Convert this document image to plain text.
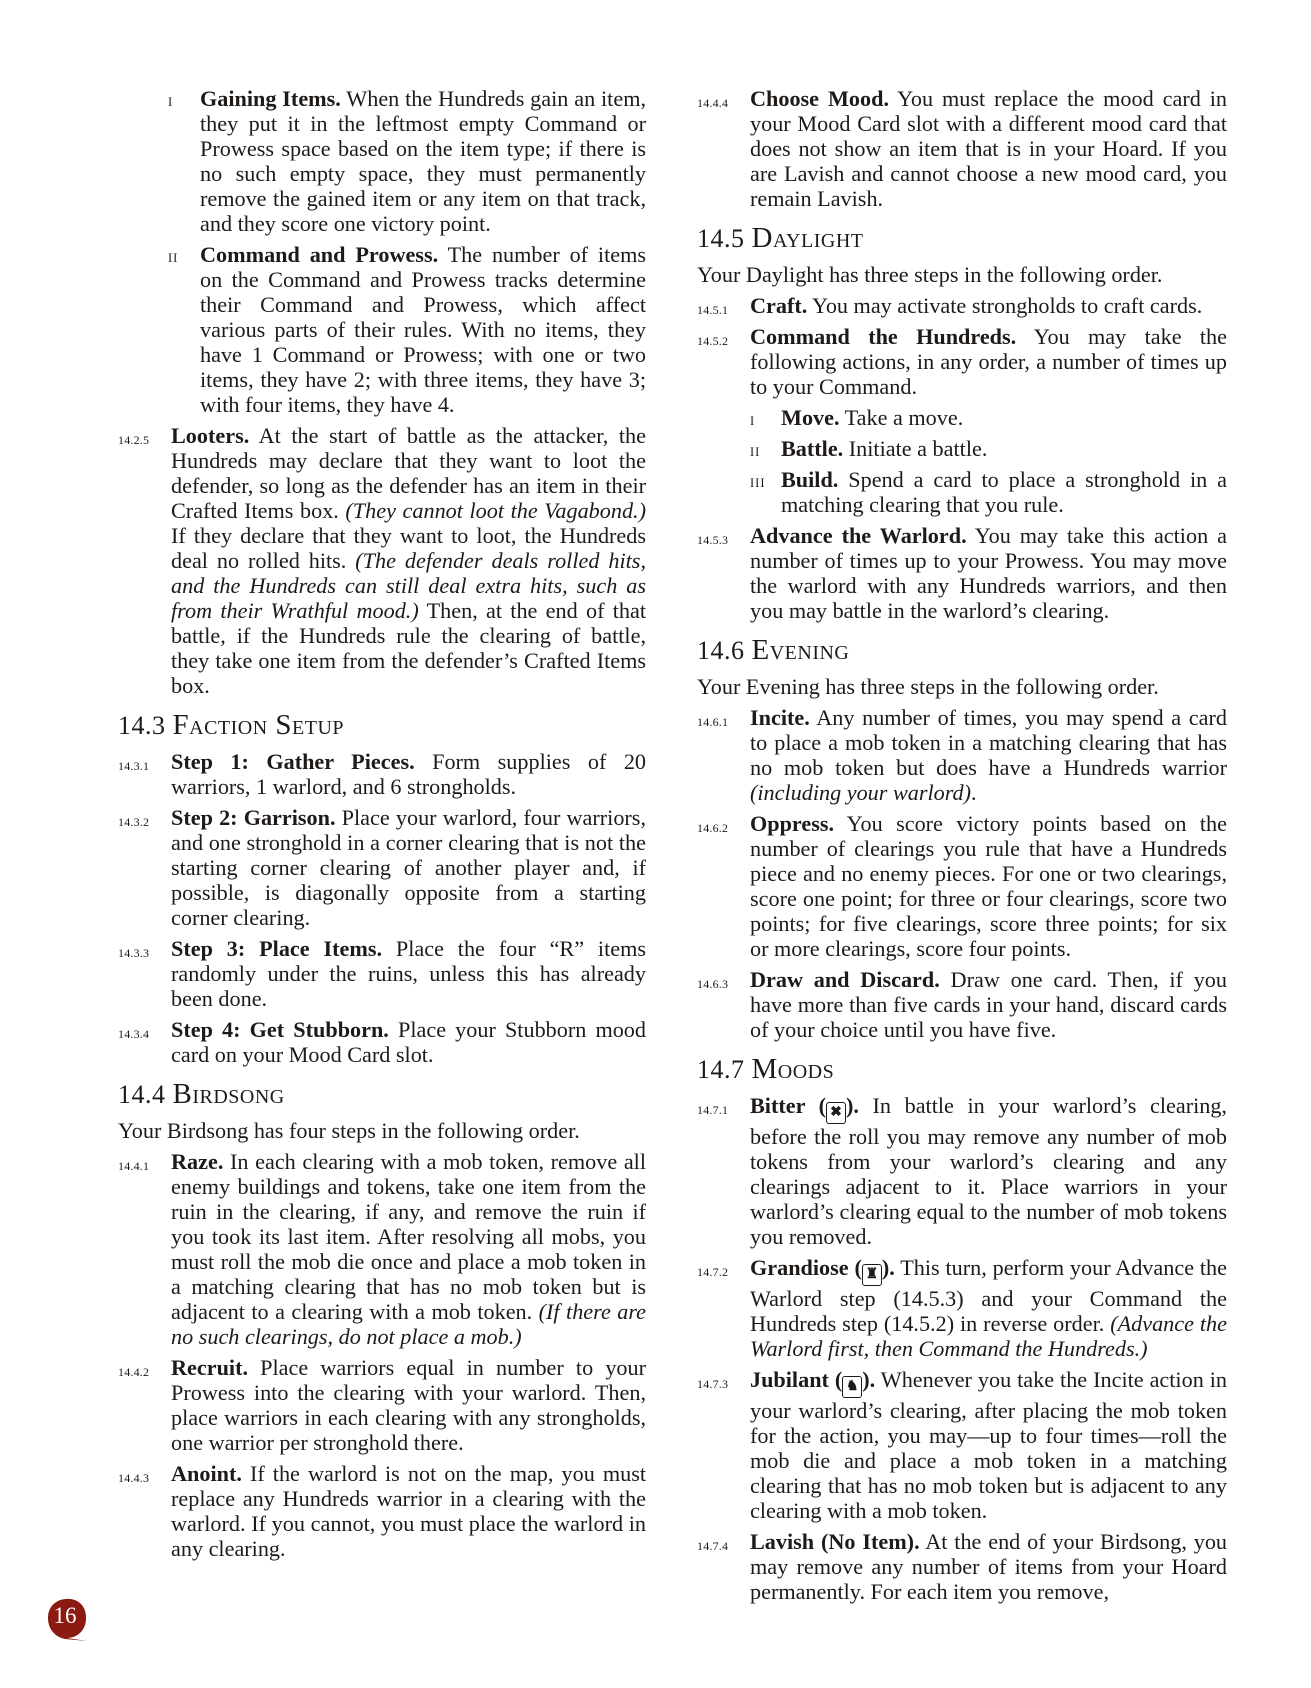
I	Gaining Items. When the Hundreds gain an item, they put it in the leftmost empty Command or Prowess space based on the item type; if there is no such empty space, they must permanently remove the gained item or any item on that track, and they score one victory point.
II Command and Prowess. The number of items on the Command and Prowess tracks determine their Command and Prowess, which affect various parts of their rules. With no items, they have 1 Command or Prowess; with one or two items, they have 2; with three items, they have 3; with four items, they have 4.
14.2.5 Looters. At the start of battle as the attacker, the Hundreds may declare that they want to loot the defender, so long as the defender has an item in their Crafted Items box. (They cannot loot the Vagabond.) If they declare that they want to loot, the Hundreds deal no rolled hits. (The defender deals rolled hits, and the Hundreds can still deal extra hits, such as from their Wrathful mood.) Then, at the end of that battle, if the Hundreds rule the clearing of battle, they take one item from the defender’s Crafted Items box.
14.3 Faction Setup
14.3.1 Step 1: Gather Pieces. Form supplies of 20 warriors, 1 warlord, and 6 strongholds.
14.3.2 Step 2: Garrison. Place your warlord, four warriors, and one stronghold in a corner clearing that is not the starting corner clearing of another player and, if possible, is diagonally opposite from a starting corner clearing.
14.3.3 Step 3: Place Items. Place the four “R” items randomly under the ruins, unless this has already been done.
14.3.4 Step 4: Get Stubborn. Place your Stubborn mood card on your Mood Card slot.
14.4 Birdsong
Your Birdsong has four steps in the following order.
14.4.1 Raze. In each clearing with a mob token, remove all enemy buildings and tokens, take one item from the ruin in the clearing, if any, and remove the ruin if you took its last item. After resolving all mobs, you must roll the mob die once and place a mob token in a matching clearing that has no mob token but is adjacent to a clearing with a mob token. (If there are no such clearings, do not place a mob.)
14.4.2 Recruit. Place warriors equal in number to your Prowess into the clearing with your warlord. Then, place warriors in each clearing with any strongholds, one warrior per stronghold there.
14.4.3 Anoint. If the warlord is not on the map, you must replace any Hundreds warrior in a clearing with the warlord. If you cannot, you must place the warlord in any clearing.
14.4.4 Choose Mood. You must replace the mood card in your Mood Card slot with a different mood card that does not show an item that is in your Hoard. If you are Lavish and cannot choose a new mood card, you remain Lavish.
14.5 Daylight
Your Daylight has three steps in the following order.
14.5.1 Craft. You may activate strongholds to craft cards.
14.5.2 Command the Hundreds. You may take the following actions, in any order, a number of times up to your Command.
I	Move. Take a move.
II Battle. Initiate a battle.
III Build. Spend a card to place a stronghold in a matching clearing that you rule.
14.5.3 Advance the Warlord. You may take this action a number of times up to your Prowess. You may move the warlord with any Hundreds warriors, and then you may battle in the warlord’s clearing.
14.6 Evening
Your Evening has three steps in the following order.
14.6.1 Incite. Any number of times, you may spend a card to place a mob token in a matching clearing that has no mob token but does have a Hundreds warrior (including your warlord).
14.6.2 Oppress. You score victory points based on the number of clearings you rule that have a Hundreds piece and no enemy pieces. For one or two clearings, score one point; for three or four clearings, score two points; for five clearings, score three points; for six or more clearings, score four points.
14.6.3 Draw and Discard. Draw one card. Then, if you have more than five cards in your hand, discard cards of your choice until you have five.
14.7 Moods
14.7.1 Bitter ( ✖ ). In battle in your warlord’s clearing, before the roll you may remove any number of mob tokens from your warlord’s clearing and any clearings adjacent to it. Place warriors in your warlord’s clearing equal to the number of mob tokens you removed.
14.7.2 Grandiose ( ♜ ). This turn, perform your Advance the Warlord step (14.5.3) and your Command the Hundreds step (14.5.2) in reverse order. (Advance the Warlord first, then Command the Hundreds.)
14.7.3 Jubilant ( ♞ ). Whenever you take the Incite action in your warlord’s clearing, after placing the mob token for the action, you may—up to four times—roll the mob die and place a mob token in a matching clearing that has no mob token but is adjacent to any clearing with a mob token.
14.7.4 Lavish (No Item). At the end of your Birdsong, you may remove any number of items from your Hoard permanently. For each item you remove,
16
